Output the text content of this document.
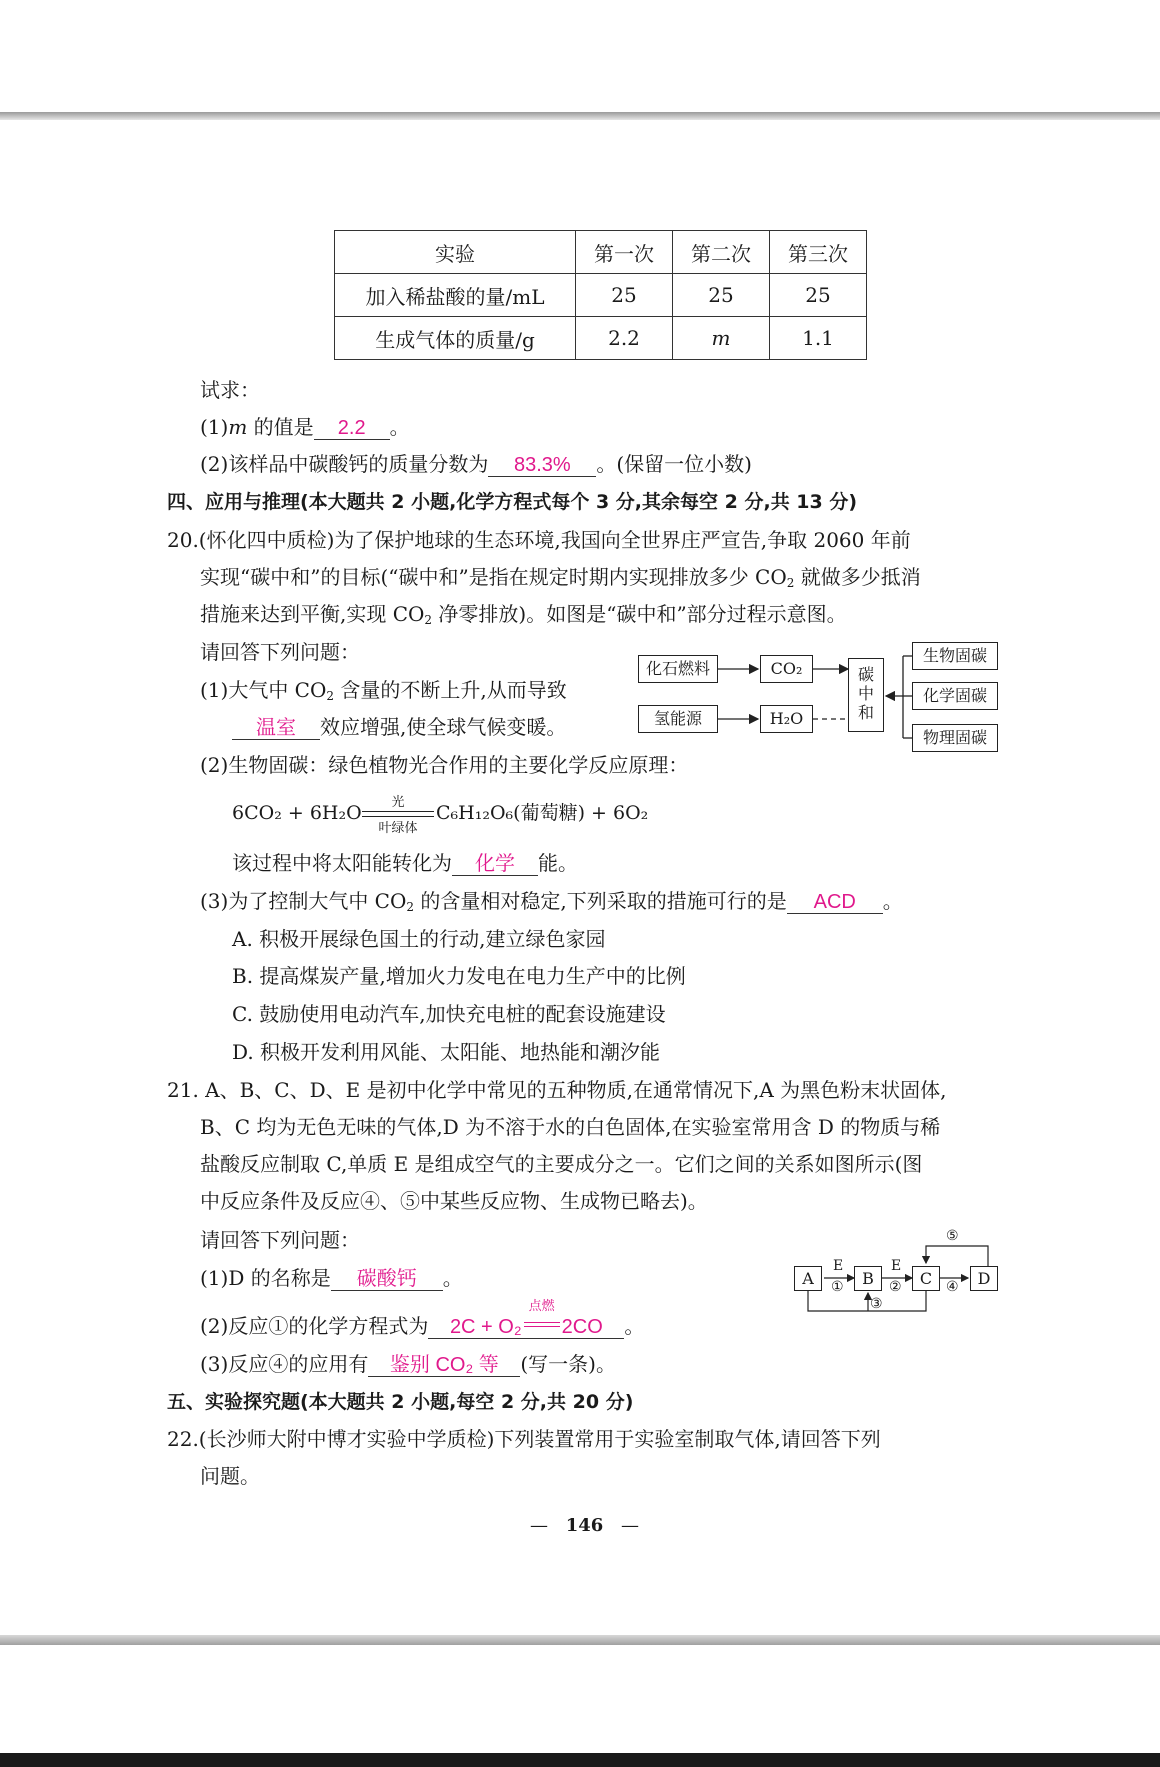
实验	第一次	第二次	第三次
加入稀盐酸的量/mL	25	25	25
生成气体的质量/g	2.2	m	1.1
试求：
(1)m 的值是 2.2 。
(2)该样品中碳酸钙的质量分数为 83.3% 。(保留一位小数)
四、应用与推理(本大题共 2 小题,化学方程式每个 3 分,其余每空 2 分,共 13 分)
20.(怀化四中质检)为了保护地球的生态环境,我国向全世界庄严宣告,争取 2060 年前
实现“碳中和”的目标(“碳中和”是指在规定时期内实现排放多少 $CO_2$ 就做多少抵消
措施来达到平衡,实现 $CO_2$ 净零排放)。如图是“碳中和”部分过程示意图。
请回答下列问题：
(1)大气中 $CO_2$ 含量的不断上升,从而导致
温室 效应增强,使全球气候变暖。
化石燃料	CO₂
氢能源	H₂O
碳
中
和
生物固碳
化学固碳
物理固碳
(2)生物固碳：绿色植物光合作用的主要化学反应原理：
6CO₂ + 6H₂O	光
叶绿体
C₆H₁₂O₆(葡萄糖) + 6O₂
该过程中将太阳能转化为 化学 能。
(3)为了控制大气中 $CO_2$ 的含量相对稳定,下列采取的措施可行的是 ACD 。
A. 积极开展绿色国土的行动,建立绿色家园
B. 提高煤炭产量,增加火力发电在电力生产中的比例
C. 鼓励使用电动汽车,加快充电桩的配套设施建设
D. 积极开发利用风能、太阳能、地热能和潮汐能
21. A、B、C、D、E 是初中化学中常见的五种物质,在通常情况下,A 为黑色粉末状固体,
B、C 均为无色无味的气体,D 为不溶于水的白色固体,在实验室常用含 D 的物质与稀
盐酸反应制取 C,单质 E 是组成空气的主要成分之一。它们之间的关系如图所示(图
中反应条件及反应④、⑤中某些反应物、生成物已略去)。
请回答下列问题：
(1)D 的名称是 碳酸钙 。	A	B	C	D
E
①
E
②
③
④
⑤
(2)反应①的化学方程式为 2C + O₂
点燃
2CO 。
(3)反应④的应用有 鉴别 CO₂ 等 (写一条)。
五、实验探究题(本大题共 2 小题,每空 2 分,共 20 分)
22.(长沙师大附中博才实验中学质检)下列装置常用于实验室制取气体,请回答下列
问题。
— 146 —
